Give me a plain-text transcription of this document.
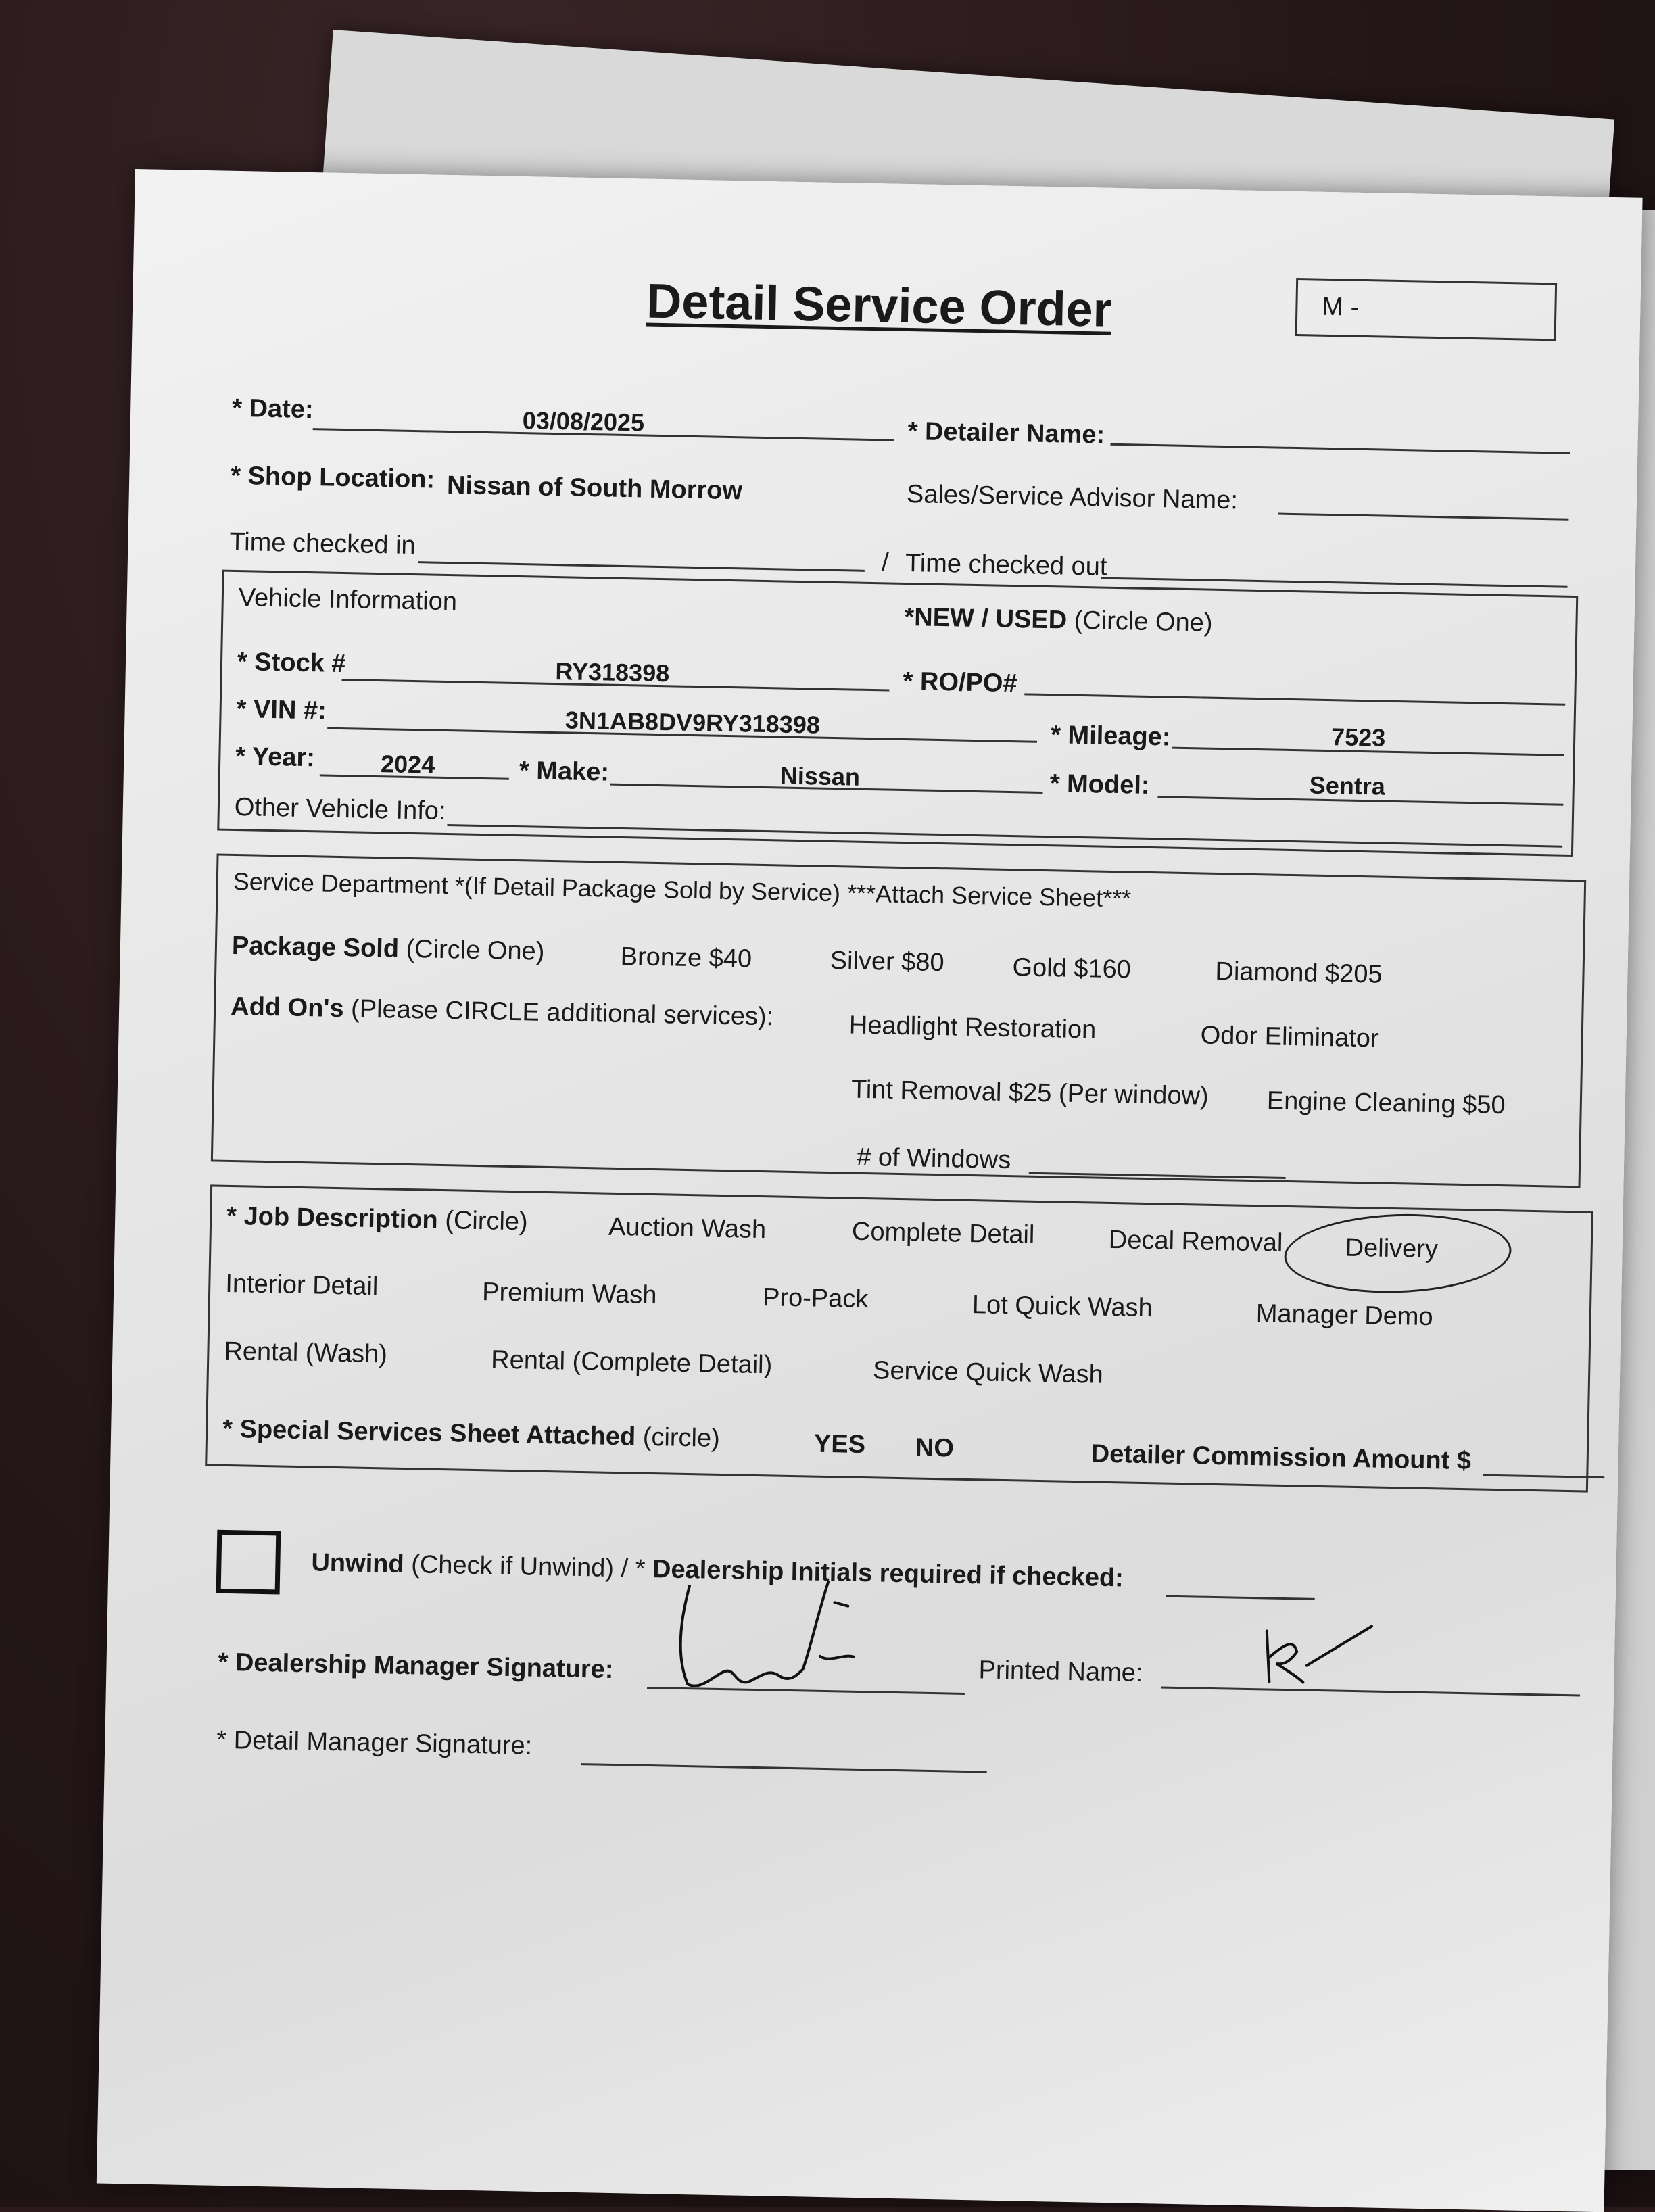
Detail Service Order	M -
* Date:	03/08/2025	* Detailer Name:
* Shop Location: Nissan of South Morrow	Sales/Service Advisor Name:
Time checked in
/ Time checked out
Vehicle Information
*NEW / USED (Circle One)
* Stock #	RY318398	* RO/PO#
* VIN #:	3N1AB8DV9RY318398	* Mileage:	7523
* Year:	2024	* Make:	Nissan	* Model:	Sentra
Other Vehicle Info:
Service Department *(If Detail Package Sold by Service) ***Attach Service Sheet***
Package Sold (Circle One)	Bronze $40	Silver $80	Gold $160	Diamond $205
Add On's (Please CIRCLE additional services):	Headlight Restoration	Odor Eliminator
Tint Removal $25 (Per window) Engine Cleaning $50
# of Windows
* Job Description (Circle)	Auction Wash	Complete Detail	Decal Removal Delivery
Interior Detail	Premium Wash	Pro-Pack	Lot Quick Wash	Manager Demo
Rental (Wash)	Rental (Complete Detail)	Service Quick Wash
* Special Services Sheet Attached (circle)	YES NO	Detailer Commission Amount $
Unwind (Check if Unwind) / * Dealership Initials required if checked:
* Dealership Manager Signature:	Printed Name:
* Detail Manager Signature:
